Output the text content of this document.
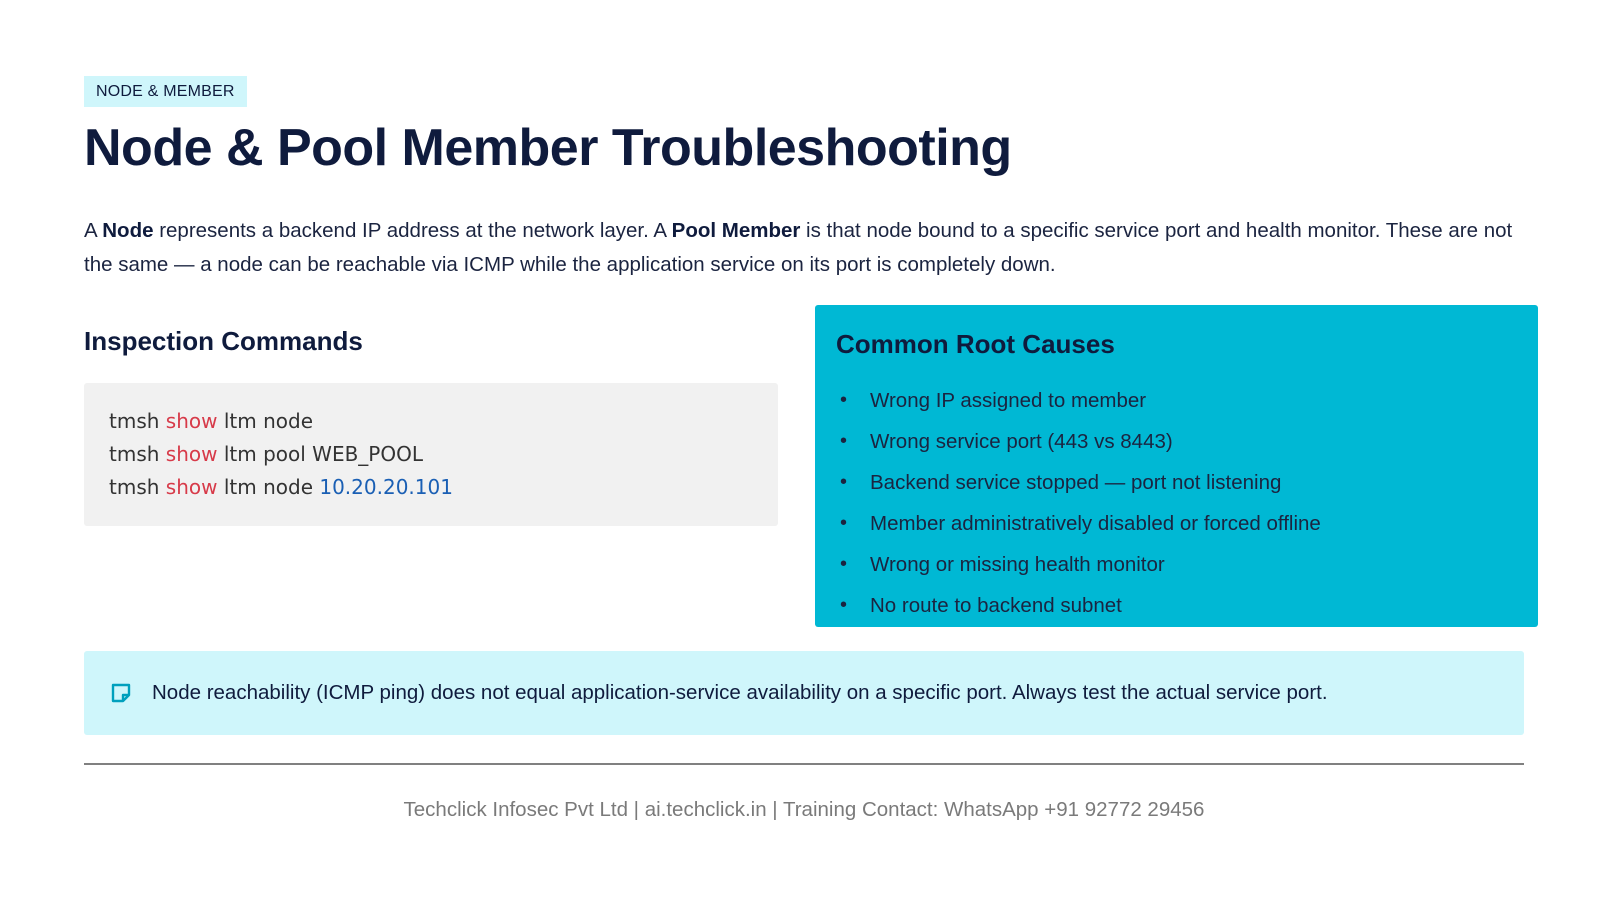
NODE & MEMBER
Node & Pool Member Troubleshooting

A Node represents a backend IP address at the network layer. A Pool Member is that node bound to a specific service port and health monitor. These are not the same — a node can be reachable via ICMP while the application service on its port is completely down.

Inspection Commands
tmsh show ltm node
tmsh show ltm pool WEB_POOL
tmsh show ltm node 10.20.20.101
Common Root Causes
• Wrong IP assigned to member
• Wrong service port (443 vs 8443)
• Backend service stopped — port not listening
• Member administratively disabled or forced offline
• Wrong or missing health monitor
• No route to backend subnet
Node reachability (ICMP ping) does not equal application-service availability on a specific port. Always test the actual service port.
Techclick Infosec Pvt Ltd | ai.techclick.in | Training Contact: WhatsApp +91 92772 29456
